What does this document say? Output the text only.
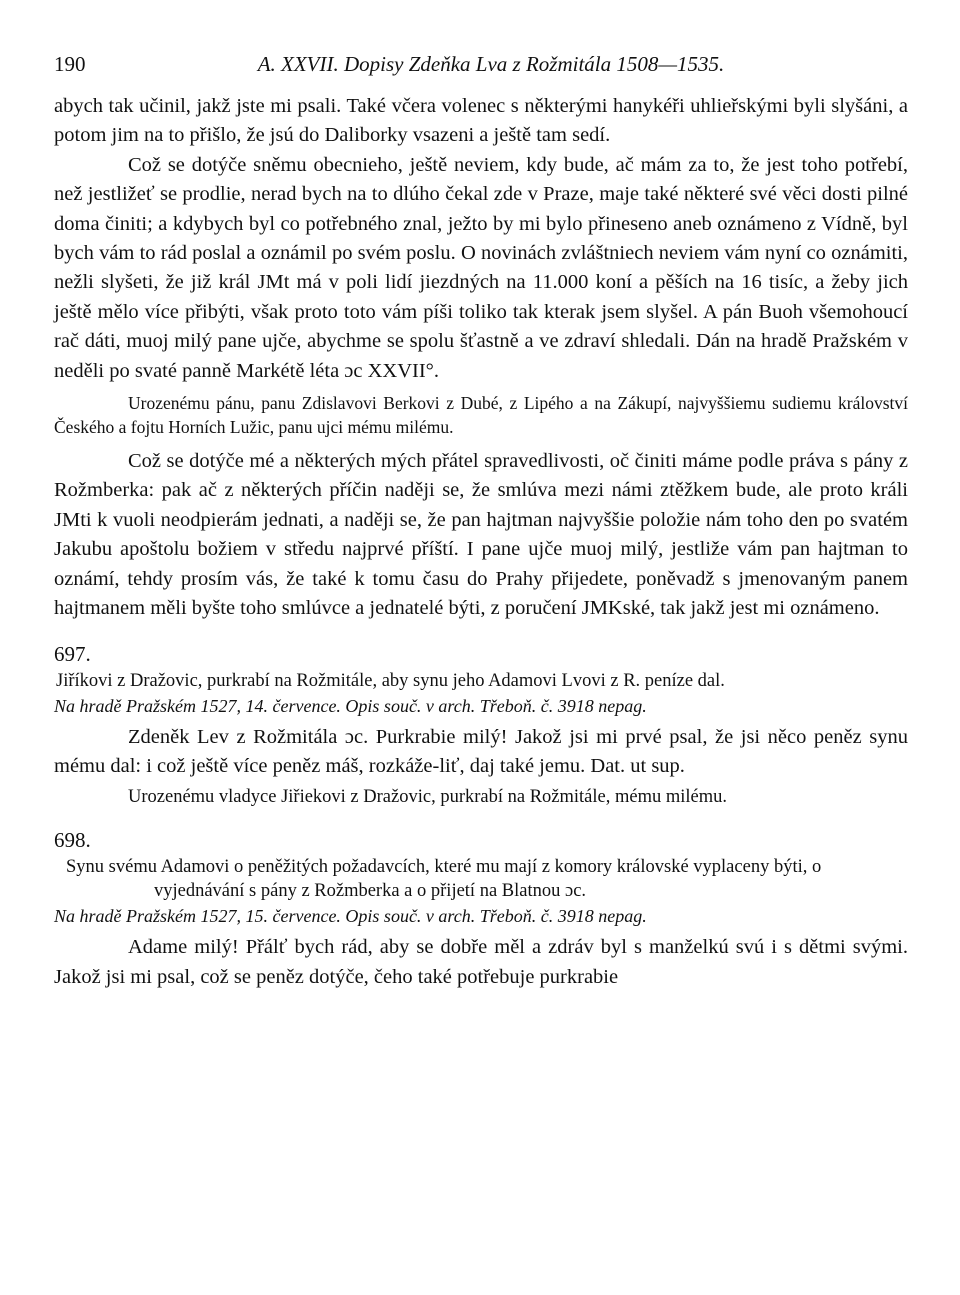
190	A. XXVII. Dopisy Zdeňka Lva z Rožmitála 1508—1535.

abych tak učinil, jakž jste mi psali. Také včera volenec s některými hanykéři uhlieřskými byli slyšáni, a potom jim na to přišlo, že jsú do Daliborky vsazeni a ještě tam sedí.

Což se dotýče sněmu obecnieho, ještě neviem, kdy bude, ač mám za to, že jest toho potřebí, než jestližeť se prodlie, nerad bych na to dlúho čekal zde v Praze, maje také některé své věci dosti pilné doma činiti; a kdybych byl co potřebného znal, ježto by mi bylo přineseno aneb oznámeno z Vídně, byl bych vám to rád poslal a oznámil po svém poslu. O novinách zvláštniech neviem vám nyní co oznámiti, nežli slyšeti, že již král JMt má v poli lidí jiezdných na 11.000 koní a pěších na 16 tisíc, a žeby jich ještě mělo více přibýti, však proto toto vám píši toliko tak kterak jsem slyšel. A pán Buoh všemohoucí rač dáti, muoj milý pane ujče, abychme se spolu šťastně a ve zdraví shledali. Dán na hradě Pražském v neděli po svaté panně Markétě léta ɔc XXVII°.

Urozenému pánu, panu Zdislavovi Berkovi z Dubé, z Lipého a na Zákupí, najvyššiemu sudiemu království Českého a fojtu Horních Lužic, panu ujci mému milému.

Což se dotýče mé a některých mých přátel spravedlivosti, oč činiti máme podle práva s pány z Rožmberka: pak ač z některých příčin naději se, že smlúva mezi námi ztěžkem bude, ale proto králi JMti k vuoli neodpierám jednati, a naději se, že pan hajtman najvyššie položie nám toho den po svatém Jakubu apoštolu božiem v středu najprvé příští. I pane ujče muoj milý, jestliže vám pan hajtman to oznámí, tehdy prosím vás, že také k tomu času do Prahy přijedete, poněvadž s jmenovaným panem hajtmanem měli byšte toho smlúvce a jednatelé býti, z poručení JMKské, tak jakž jest mi oznámeno.

697.

Jiříkovi z Dražovic, purkrabí na Rožmitále, aby synu jeho Adamovi Lvovi z R. peníze dal.

Na hradě Pražském 1527, 14. července. Opis souč. v arch. Třeboň. č. 3918 nepag.

Zdeněk Lev z Rožmitála ɔc. Purkrabie milý! Jakož jsi mi prvé psal, že jsi něco peněz synu mému dal: i což ještě více peněz máš, rozkáže-liť, daj také jemu. Dat. ut sup.

Urozenému vladyce Jiřiekovi z Dražovic, purkrabí na Rožmitále, mému milému.

698.

Synu svému Adamovi o peněžitých požadavcích, které mu mají z komory královské vyplaceny býti, o vyjednávání s pány z Rožmberka a o přijetí na Blatnou ɔc.

Na hradě Pražském 1527, 15. července. Opis souč. v arch. Třeboň. č. 3918 nepag.

Adame milý! Přálť bych rád, aby se dobře měl a zdráv byl s manželkú svú i s dětmi svými. Jakož jsi mi psal, což se peněz dotýče, čeho také potřebuje purkrabie
